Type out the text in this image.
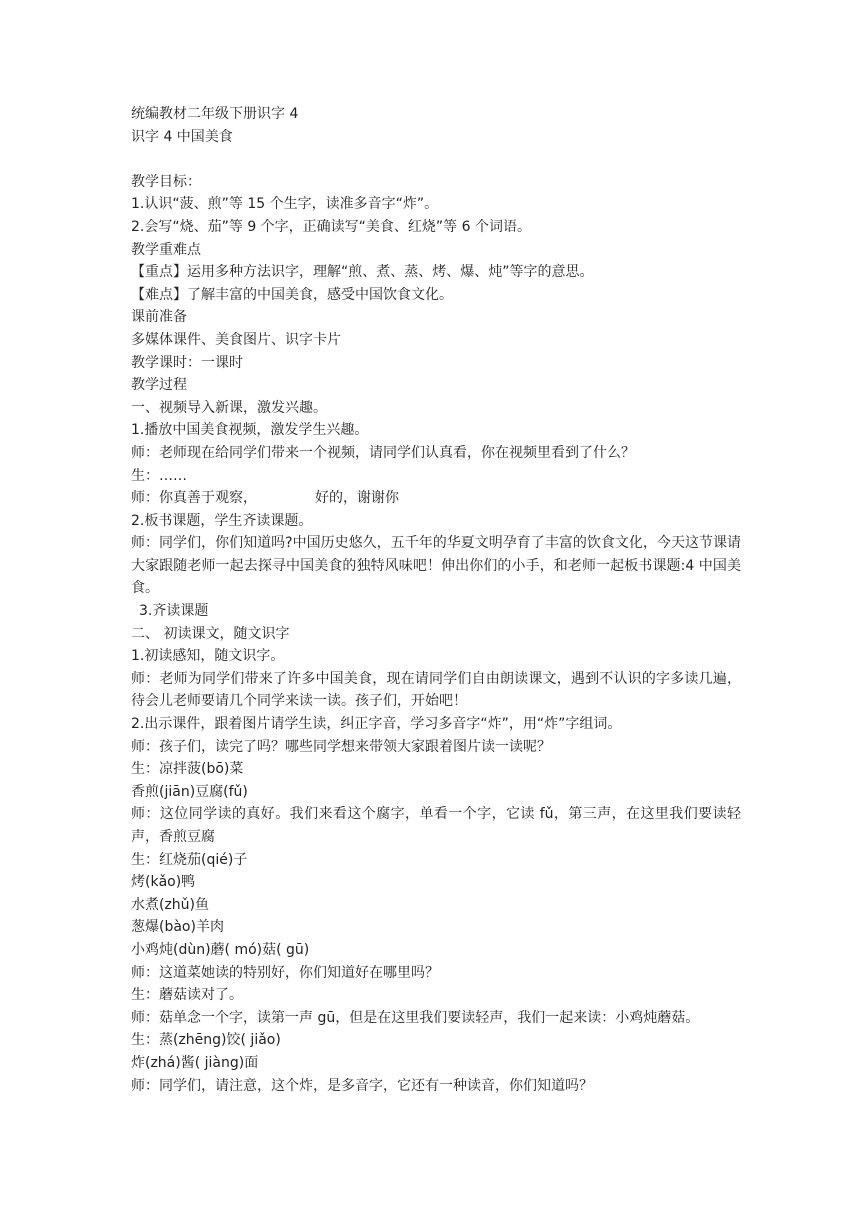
统编教材二年级下册识字 4

识字 4 中国美食

教学目标：

1.认识“菠、煎”等 15 个生字，读准多音字“炸”。

2.会写“烧、茄”等 9 个字，正确读写“美食、红烧”等 6 个词语。

教学重难点

【重点】运用多种方法识字，理解“煎、煮、蒸、烤、爆、炖”等字的意思。

【难点】了解丰富的中国美食，感受中国饮食文化。

课前准备

多媒体课件、美食图片、识字卡片

教学课时：一课时

教学过程

一、视频导入新课，激发兴趣。

1.播放中国美食视频，激发学生兴趣。

师：老师现在给同学们带来一个视频，请同学们认真看，你在视频里看到了什么？

生：……

师：你真善于观察，	好的，谢谢你

2.板书课题，学生齐读课题。

师：同学们，你们知道吗?中国历史悠久，五千年的华夏文明孕育了丰富的饮食文化，今天这节课请大家跟随老师一起去探寻中国美食的独特风味吧！伸出你们的小手，和老师一起板书课题:4 中国美食。

3.齐读课题

二、 初读课文，随文识字

1.初读感知，随文识字。

师：老师为同学们带来了许多中国美食，现在请同学们自由朗读课文，遇到不认识的字多读几遍，待会儿老师要请几个同学来读一读。孩子们，开始吧！

2.出示课件，跟着图片请学生读，纠正字音，学习多音字“炸”，用“炸”字组词。

师：孩子们，读完了吗？哪些同学想来带领大家跟着图片读一读呢？

生：凉拌菠(bō)菜

香煎(jiān)豆腐(fǔ)

师：这位同学读的真好。我们来看这个腐字，单看一个字，它读 fǔ，第三声，在这里我们要读轻声，香煎豆腐

生：红烧茄(qié)子

烤(kǎo)鸭

水煮(zhǔ)鱼

葱爆(bào)羊肉

小鸡炖(dùn)蘑( mó)菇( gū)

师：这道菜她读的特别好，你们知道好在哪里吗？

生：蘑菇读对了。

师：菇单念一个字，读第一声 gū，但是在这里我们要读轻声，我们一起来读：小鸡炖蘑菇。

生：蒸(zhēng)饺( jiǎo)

炸(zhá)酱( jiàng)面

师：同学们，请注意，这个炸，是多音字，它还有一种读音，你们知道吗？
